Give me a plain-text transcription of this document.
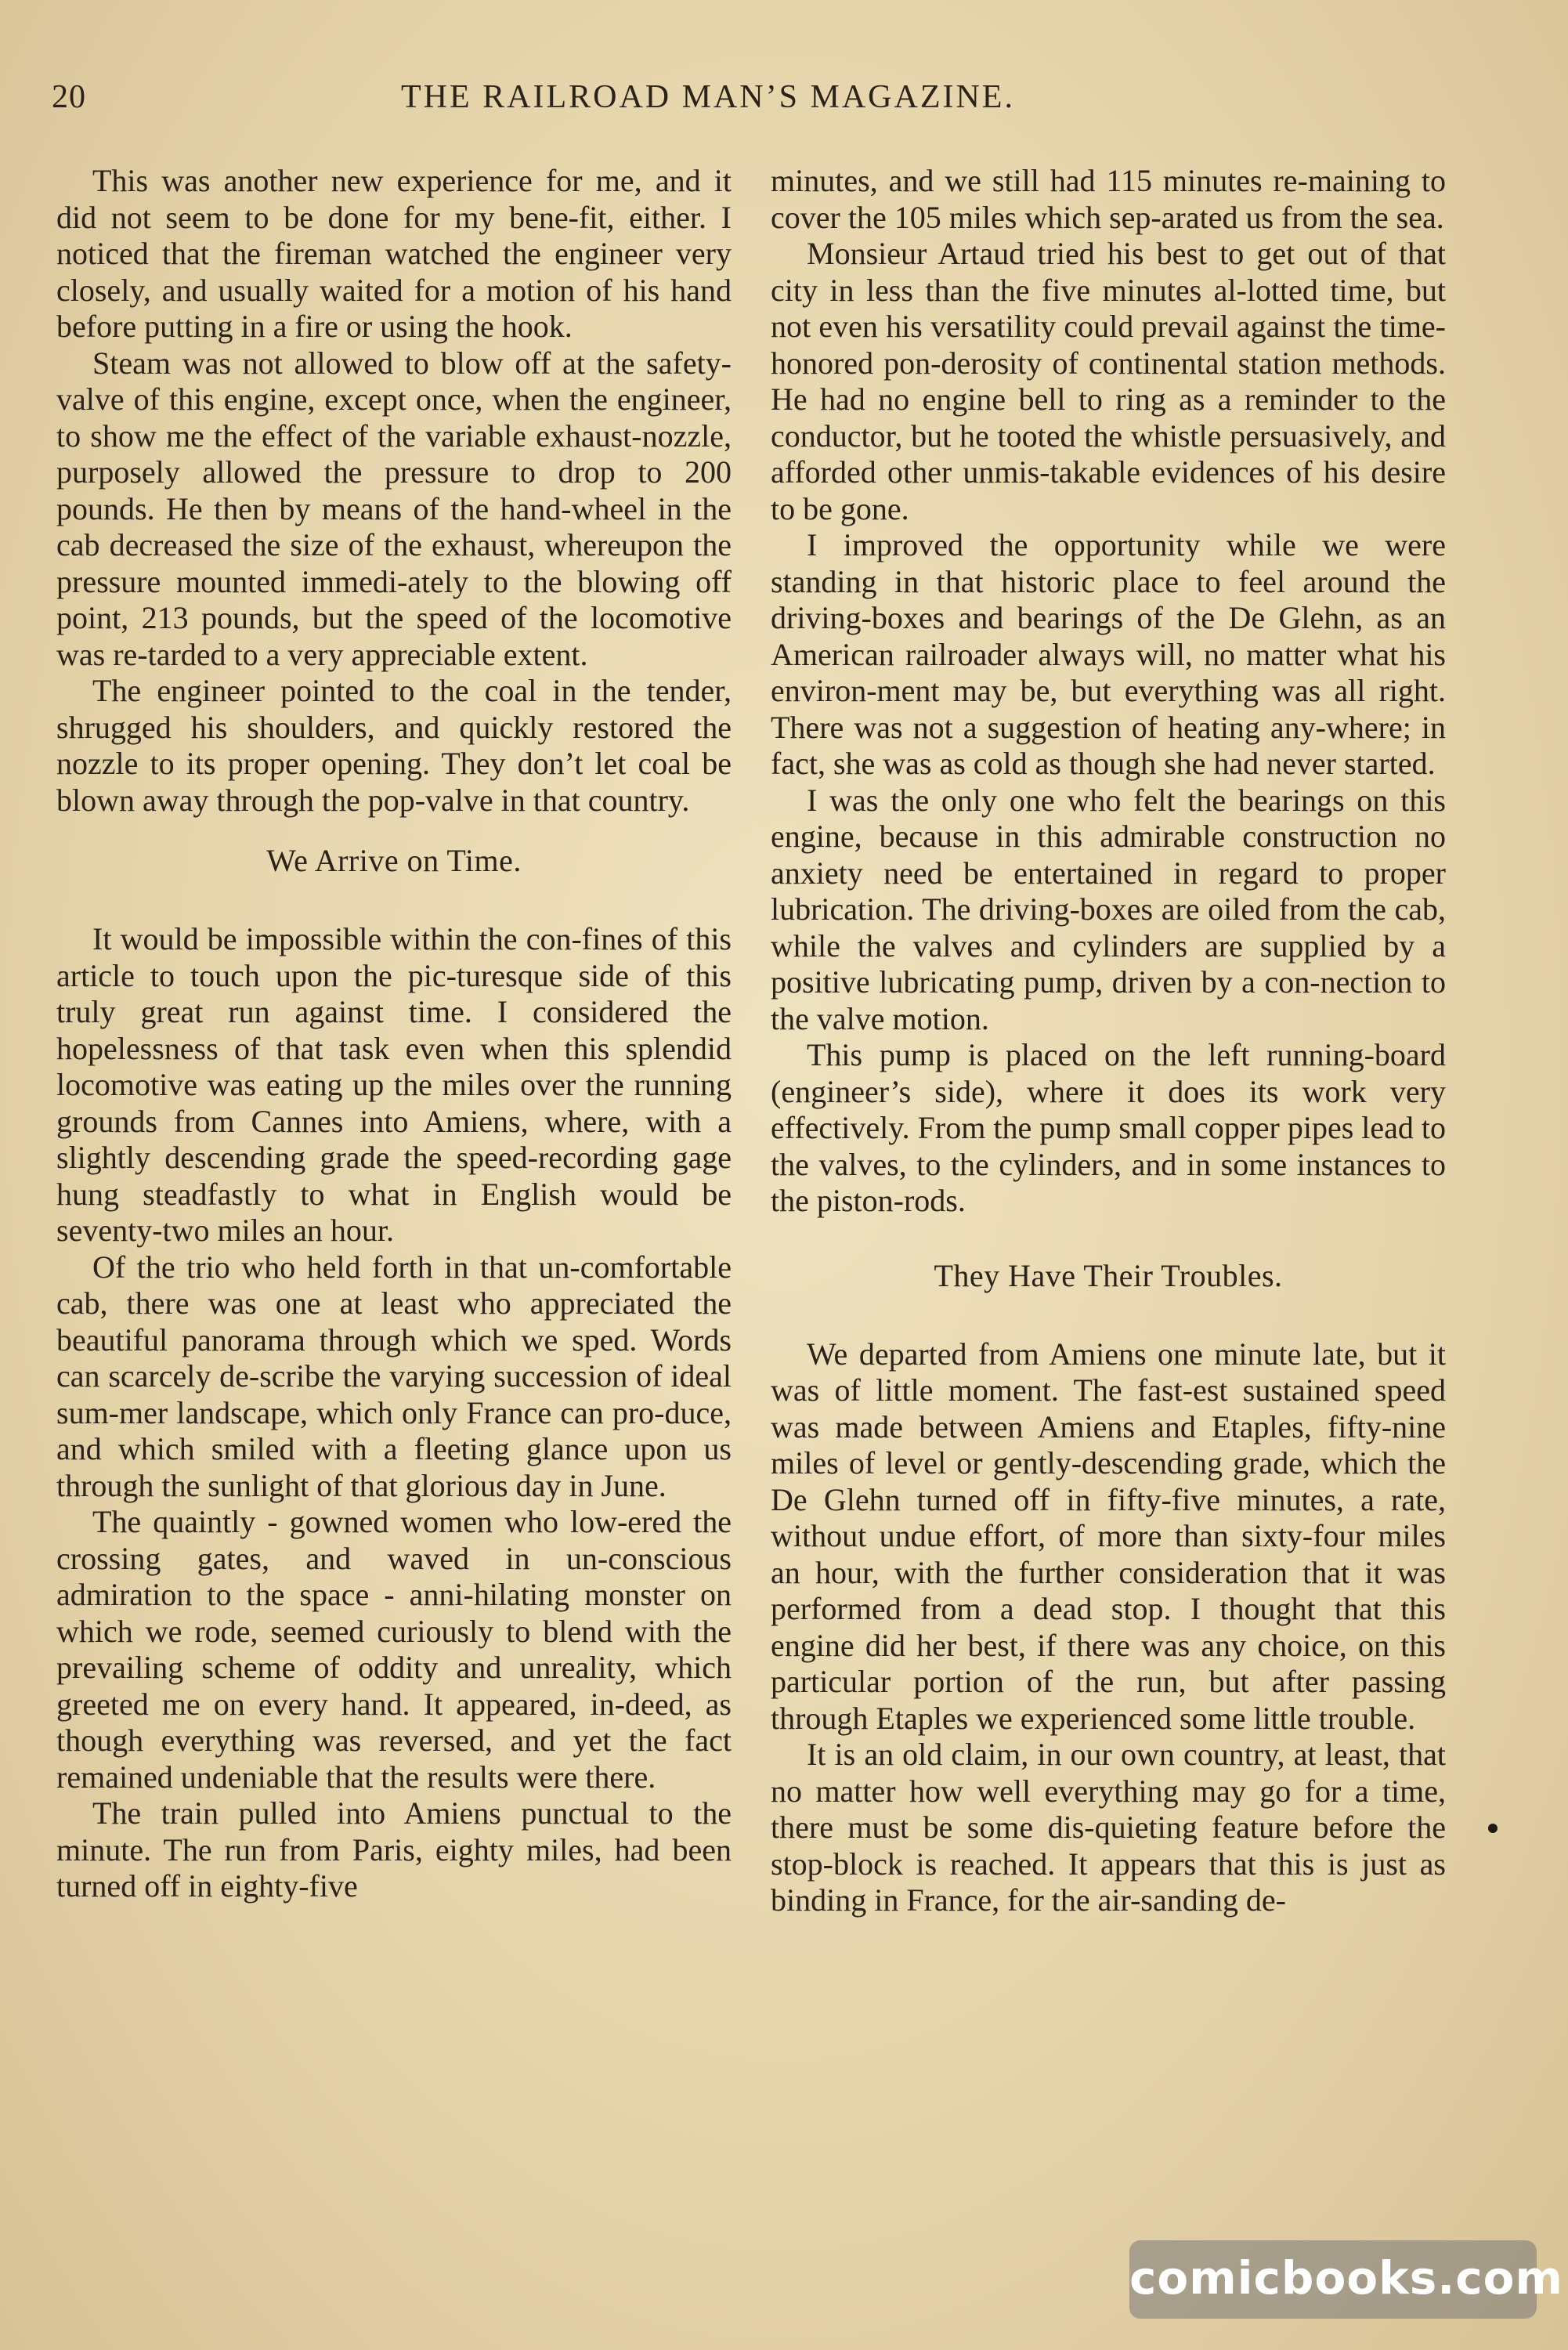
20	THE RAILROAD MAN’S MAGAZINE.

This was another new experience for me, and it did not seem to be done for my bene-fit, either. I noticed that the fireman watched the engineer very closely, and usually waited for a motion of his hand before putting in a fire or using the hook.

Steam was not allowed to blow off at the safety-valve of this engine, except once, when the engineer, to show me the effect of the variable exhaust-nozzle, purposely allowed the pressure to drop to 200 pounds. He then by means of the hand-wheel in the cab decreased the size of the exhaust, whereupon the pressure mounted immedi-ately to the blowing off point, 213 pounds, but the speed of the locomotive was re-tarded to a very appreciable extent.

The engineer pointed to the coal in the tender, shrugged his shoulders, and quickly restored the nozzle to its proper opening. They don’t let coal be blown away through the pop-valve in that country.

We Arrive on Time.

It would be impossible within the con-fines of this article to touch upon the pic-turesque side of this truly great run against time. I considered the hopelessness of that task even when this splendid locomotive was eating up the miles over the running grounds from Cannes into Amiens, where, with a slightly descending grade the speed-recording gage hung steadfastly to what in English would be seventy-two miles an hour.

Of the trio who held forth in that un-comfortable cab, there was one at least who appreciated the beautiful panorama through which we sped. Words can scarcely de-scribe the varying succession of ideal sum-mer landscape, which only France can pro-duce, and which smiled with a fleeting glance upon us through the sunlight of that glorious day in June.

The quaintly - gowned women who low-ered the crossing gates, and waved in un-conscious admiration to the space - anni-hilating monster on which we rode, seemed curiously to blend with the prevailing scheme of oddity and unreality, which greeted me on every hand. It appeared, in-deed, as though everything was reversed, and yet the fact remained undeniable that the results were there.

The train pulled into Amiens punctual to the minute. The run from Paris, eighty miles, had been turned off in eighty-five

minutes, and we still had 115 minutes re-maining to cover the 105 miles which sep-arated us from the sea.

Monsieur Artaud tried his best to get out of that city in less than the five minutes al-lotted time, but not even his versatility could prevail against the time-honored pon-derosity of continental station methods. He had no engine bell to ring as a reminder to the conductor, but he tooted the whistle persuasively, and afforded other unmis-takable evidences of his desire to be gone.

I improved the opportunity while we were standing in that historic place to feel around the driving-boxes and bearings of the De Glehn, as an American railroader always will, no matter what his environ-ment may be, but everything was all right. There was not a suggestion of heating any-where; in fact, she was as cold as though she had never started.

I was the only one who felt the bearings on this engine, because in this admirable construction no anxiety need be entertained in regard to proper lubrication. The driving-boxes are oiled from the cab, while the valves and cylinders are supplied by a positive lubricating pump, driven by a con-nection to the valve motion.

This pump is placed on the left running-board (engineer’s side), where it does its work very effectively. From the pump small copper pipes lead to the valves, to the cylinders, and in some instances to the piston-rods.

They Have Their Troubles.

We departed from Amiens one minute late, but it was of little moment. The fast-est sustained speed was made between Amiens and Etaples, fifty-nine miles of level or gently-descending grade, which the De Glehn turned off in fifty-five minutes, a rate, without undue effort, of more than sixty-four miles an hour, with the further consideration that it was performed from a dead stop. I thought that this engine did her best, if there was any choice, on this particular portion of the run, but after passing through Etaples we experienced some little trouble.

It is an old claim, in our own country, at least, that no matter how well everything may go for a time, there must be some dis-quieting feature before the stop-block is reached. It appears that this is just as binding in France, for the air-sanding de-

comicbooks.com
